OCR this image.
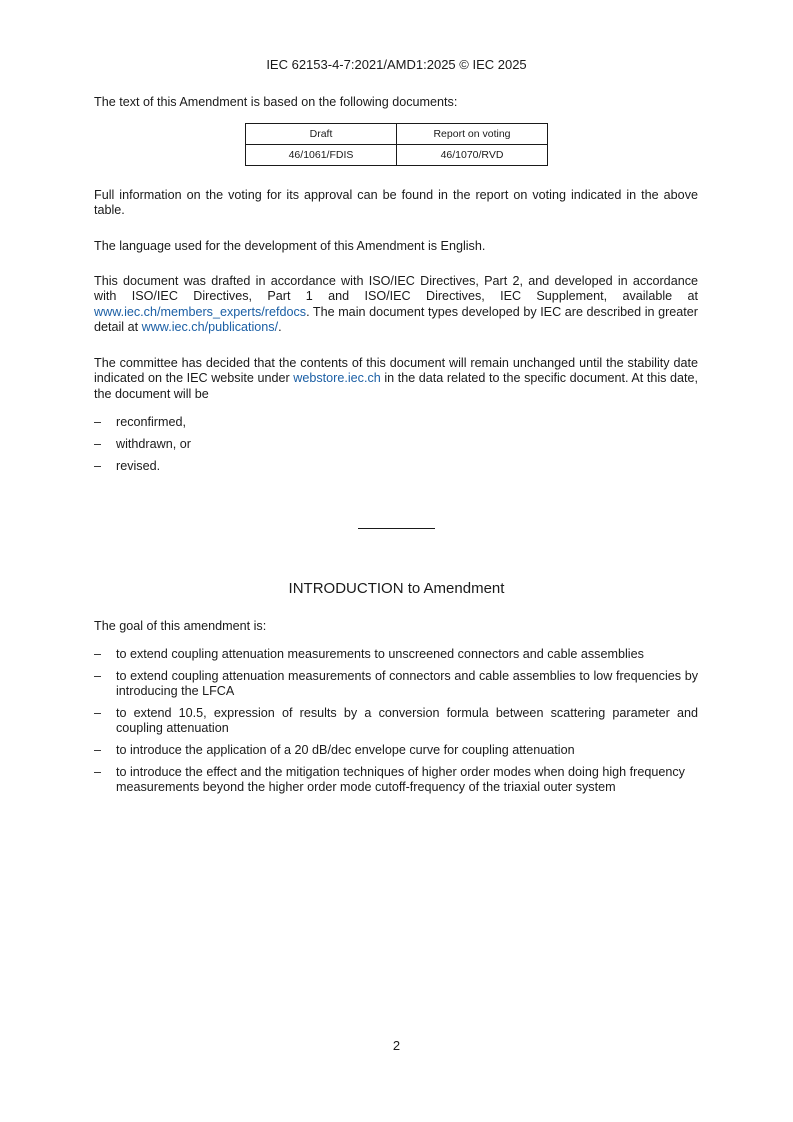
IEC 62153-4-7:2021/AMD1:2025 © IEC 2025

The text of this Amendment is based on the following documents:

Draft	Report on voting
46/1061/FDIS	46/1070/RVD

Full information on the voting for its approval can be found in the report on voting indicated in the above table.

The language used for the development of this Amendment is English.

This document was drafted in accordance with ISO/IEC Directives, Part 2, and developed in accordance with ISO/IEC Directives, Part 1 and ISO/IEC Directives, IEC Supplement, available at www.iec.ch/members_experts/refdocs. The main document types developed by IEC are described in greater detail at www.iec.ch/publications/.

The committee has decided that the contents of this document will remain unchanged until the stability date indicated on the IEC website under webstore.iec.ch in the data related to the specific document. At this date, the document will be

– reconfirmed,
– withdrawn, or
– revised.
INTRODUCTION to Amendment

The goal of this amendment is:

– to extend coupling attenuation measurements to unscreened connectors and cable assemblies
– to extend coupling attenuation measurements of connectors and cable assemblies to low frequencies by introducing the LFCA
– to extend 10.5, expression of results by a conversion formula between scattering parameter and coupling attenuation
– to introduce the application of a 20 dB/dec envelope curve for coupling attenuation
– to introduce the effect and the mitigation techniques of higher order modes when doing high frequency measurements beyond the higher order mode cutoff-frequency of the triaxial outer system
2
